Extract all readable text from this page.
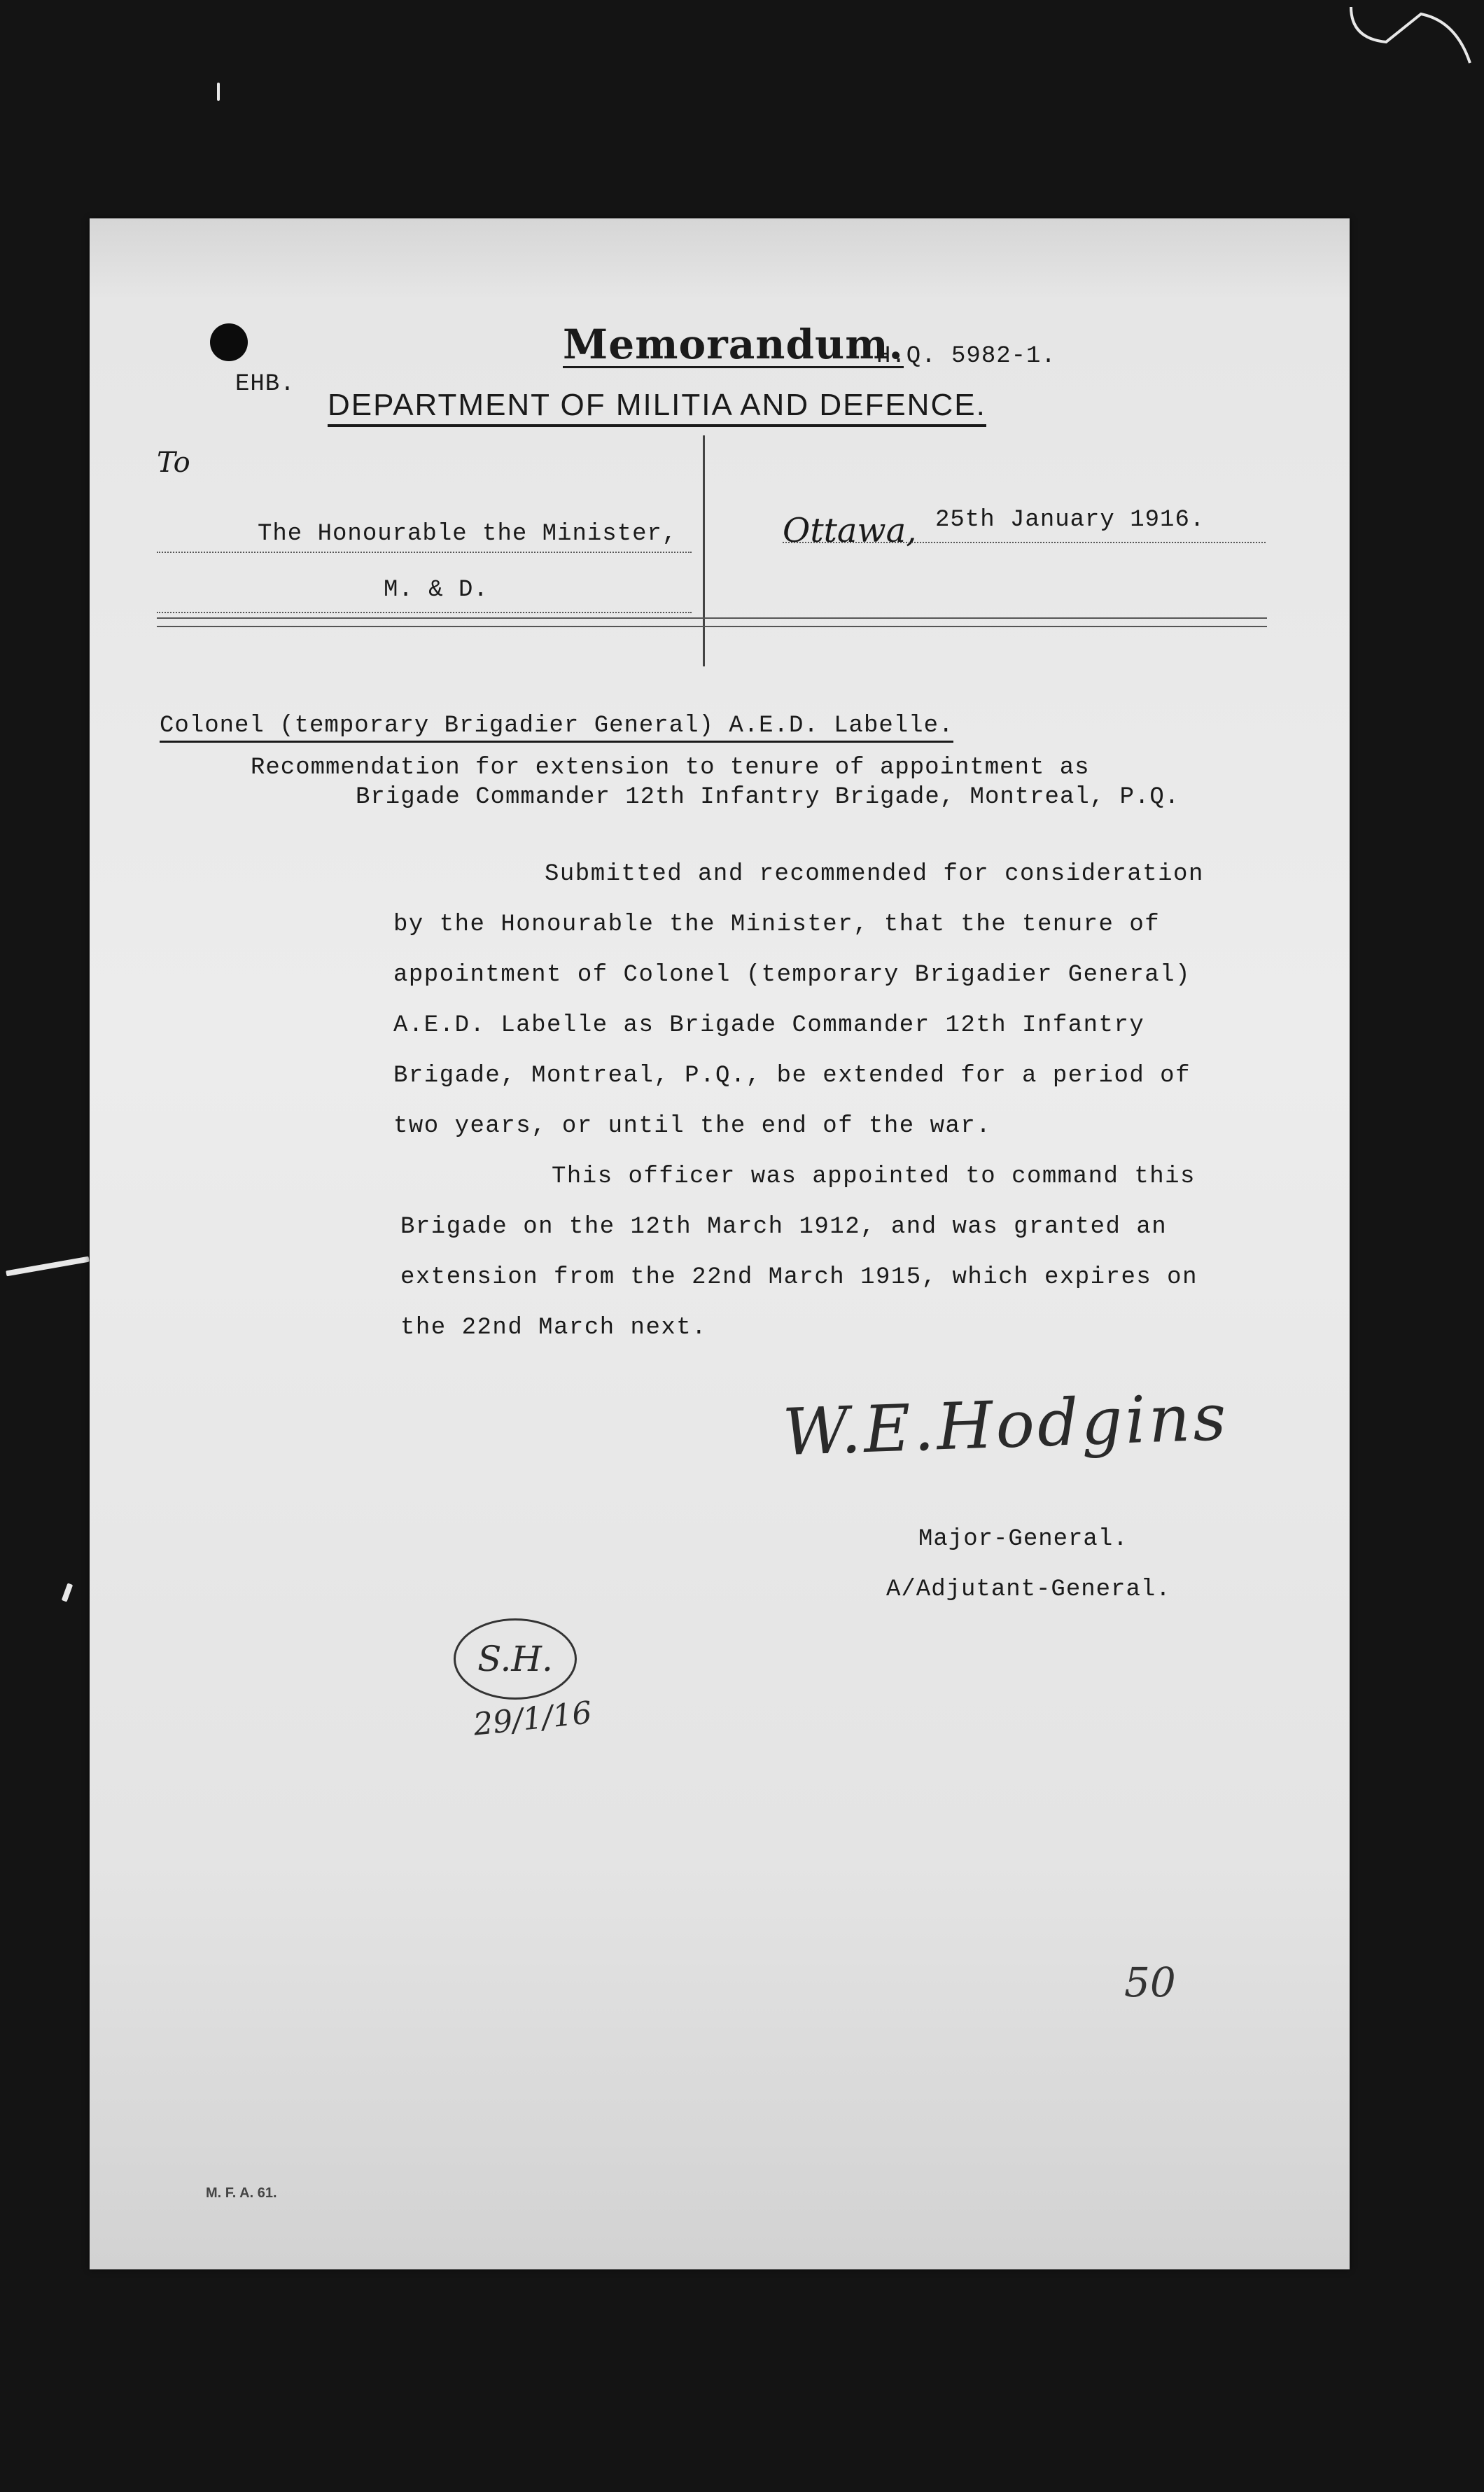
EHB.
Memorandum.
H.Q. 5982-1.
DEPARTMENT OF MILITIA AND DEFENCE.
To
The Honourable the Minister,
M. & D.
Ottawa, 25th January 1916.
Colonel (temporary Brigadier General) A.E.D. Labelle.
Recommendation for extension to tenure of appointment as
Brigade Commander 12th Infantry Brigade, Montreal, P.Q.
Submitted and recommended for consideration
by the Honourable the Minister, that the tenure of
appointment of Colonel (temporary Brigadier General)
A.E.D. Labelle as Brigade Commander 12th Infantry
Brigade, Montreal, P.Q., be extended for a period of
two years, or until the end of the war.
This officer was appointed to command this
Brigade on the 12th March 1912, and was granted an
extension from the 22nd March 1915, which expires on
the 22nd March next.
W.E.Hodgins
Major-General.
A/Adjutant-General.
S.H.
29/1/16
50
M. F. A. 61.
